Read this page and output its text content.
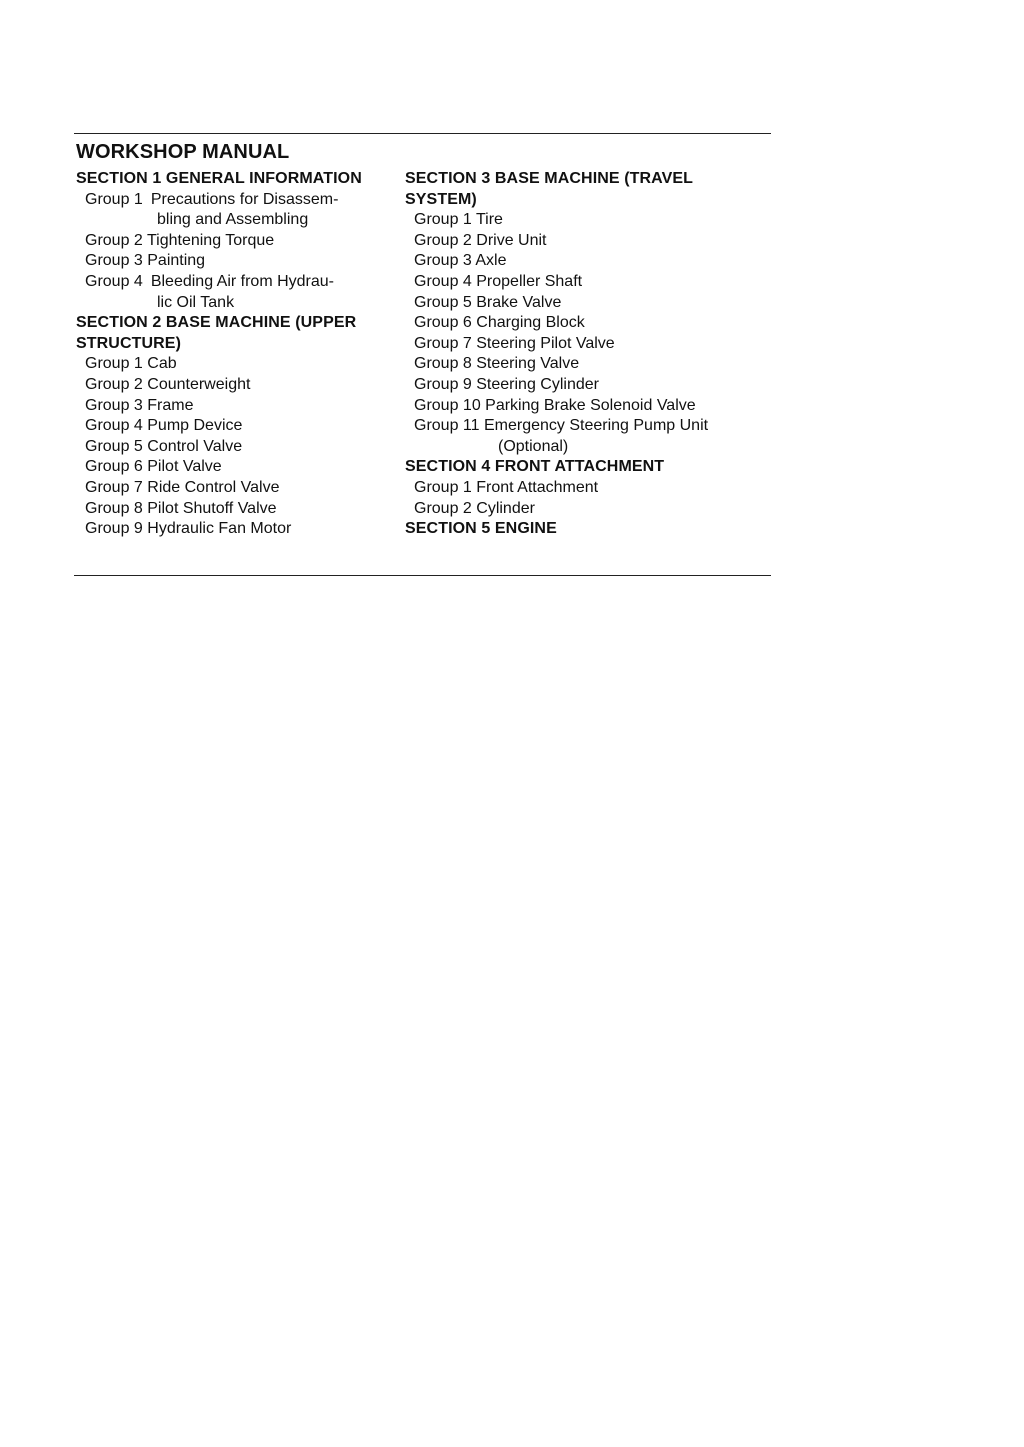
WORKSHOP MANUAL
SECTION 1 GENERAL INFORMATION
Group 1 Precautions for Disassem-
bling and Assembling
Group 2 Tightening Torque
Group 3 Painting
Group 4 Bleeding Air from Hydrau-
lic Oil Tank
SECTION 2 BASE MACHINE (UPPER
STRUCTURE)
Group 1 Cab
Group 2 Counterweight
Group 3 Frame
Group 4 Pump Device
Group 5 Control Valve
Group 6 Pilot Valve
Group 7 Ride Control Valve
Group 8 Pilot Shutoff Valve
Group 9 Hydraulic Fan Motor
SECTION 3 BASE MACHINE (TRAVEL
SYSTEM)
Group 1 Tire
Group 2 Drive Unit
Group 3 Axle
Group 4 Propeller Shaft
Group 5 Brake Valve
Group 6 Charging Block
Group 7 Steering Pilot Valve
Group 8 Steering Valve
Group 9 Steering Cylinder
Group 10 Parking Brake Solenoid Valve
Group 11 Emergency Steering Pump Unit
(Optional)
SECTION 4 FRONT ATTACHMENT
Group 1 Front Attachment
Group 2 Cylinder
SECTION 5 ENGINE
